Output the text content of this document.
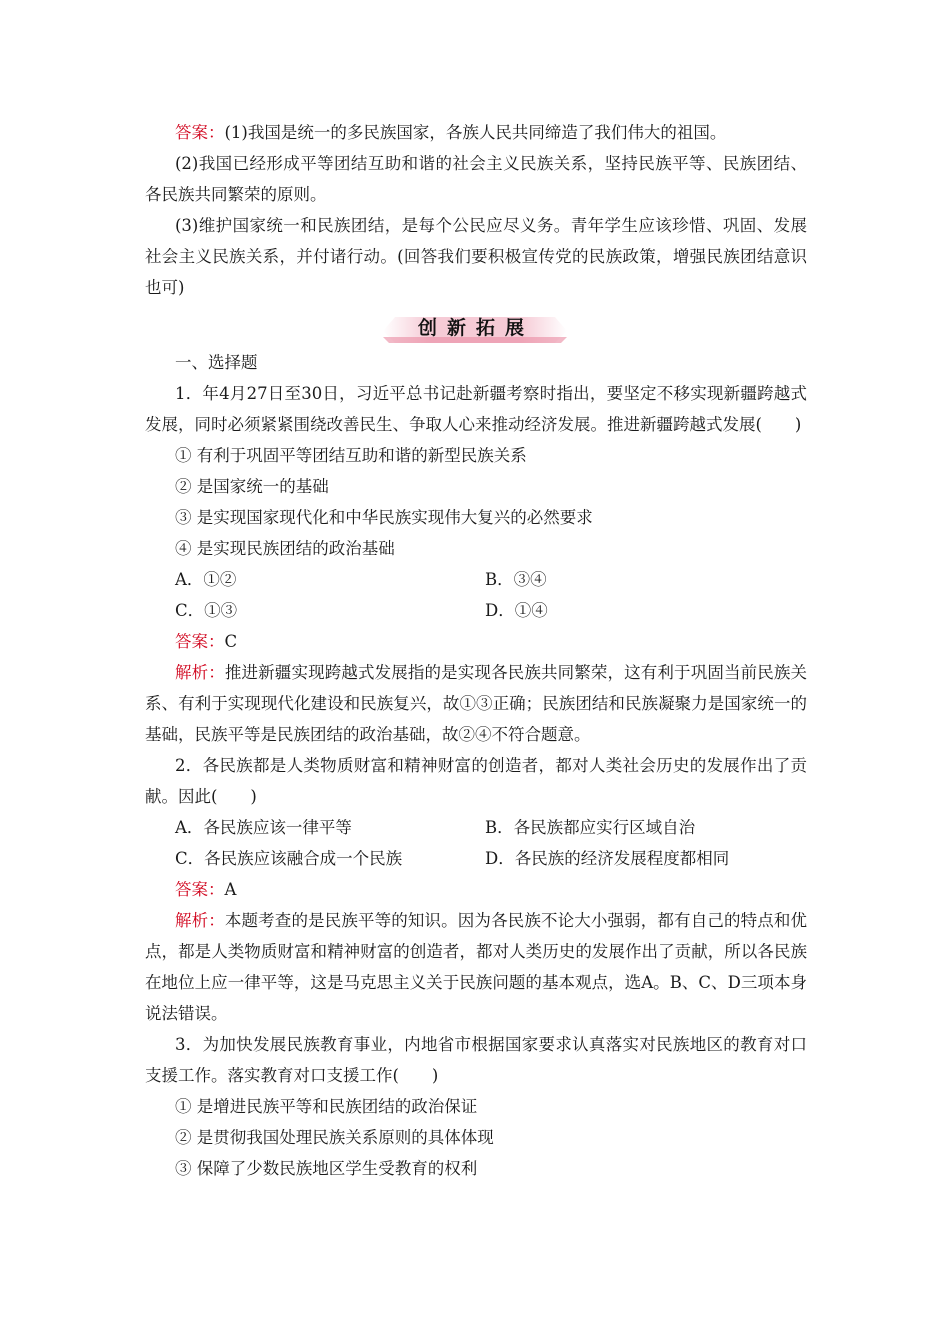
答案：(1)我国是统一的多民族国家，各族人民共同缔造了我们伟大的祖国。

(2)我国已经形成平等团结互助和谐的社会主义民族关系，坚持民族平等、民族团结、各民族共同繁荣的原则。

(3)维护国家统一和民族团结，是每个公民应尽义务。青年学生应该珍惜、巩固、发展社会主义民族关系，并付诸行动。(回答我们要积极宣传党的民族政策，增强民族团结意识也可)

创新拓展

一、选择题

1．年4月27日至30日，习近平总书记赴新疆考察时指出，要坚定不移实现新疆跨越式发展，同时必须紧紧围绕改善民生、争取人心来推动经济发展。推进新疆跨越式发展(　　)

① 有利于巩固平等团结互助和谐的新型民族关系
② 是国家统一的基础
③ 是实现国家现代化和中华民族实现伟大复兴的必然要求
④ 是实现民族团结的政治基础
A．①②	B．③④
C．①③	D．①④

答案：C

解析：推进新疆实现跨越式发展指的是实现各民族共同繁荣，这有利于巩固当前民族关系、有利于实现现代化建设和民族复兴，故①③正确；民族团结和民族凝聚力是国家统一的基础，民族平等是民族团结的政治基础，故②④不符合题意。

2．各民族都是人类物质财富和精神财富的创造者，都对人类社会历史的发展作出了贡献。因此(　　)

A．各民族应该一律平等	B．各民族都应实行区域自治
C．各民族应该融合成一个民族	D．各民族的经济发展程度都相同

答案：A

解析：本题考查的是民族平等的知识。因为各民族不论大小强弱，都有自己的特点和优点，都是人类物质财富和精神财富的创造者，都对人类历史的发展作出了贡献，所以各民族在地位上应一律平等，这是马克思主义关于民族问题的基本观点，选A。B、C、D三项本身说法错误。

3．为加快发展民族教育事业，内地省市根据国家要求认真落实对民族地区的教育对口支援工作。落实教育对口支援工作(　　)

① 是增进民族平等和民族团结的政治保证
② 是贯彻我国处理民族关系原则的具体体现
③ 保障了少数民族地区学生受教育的权利
